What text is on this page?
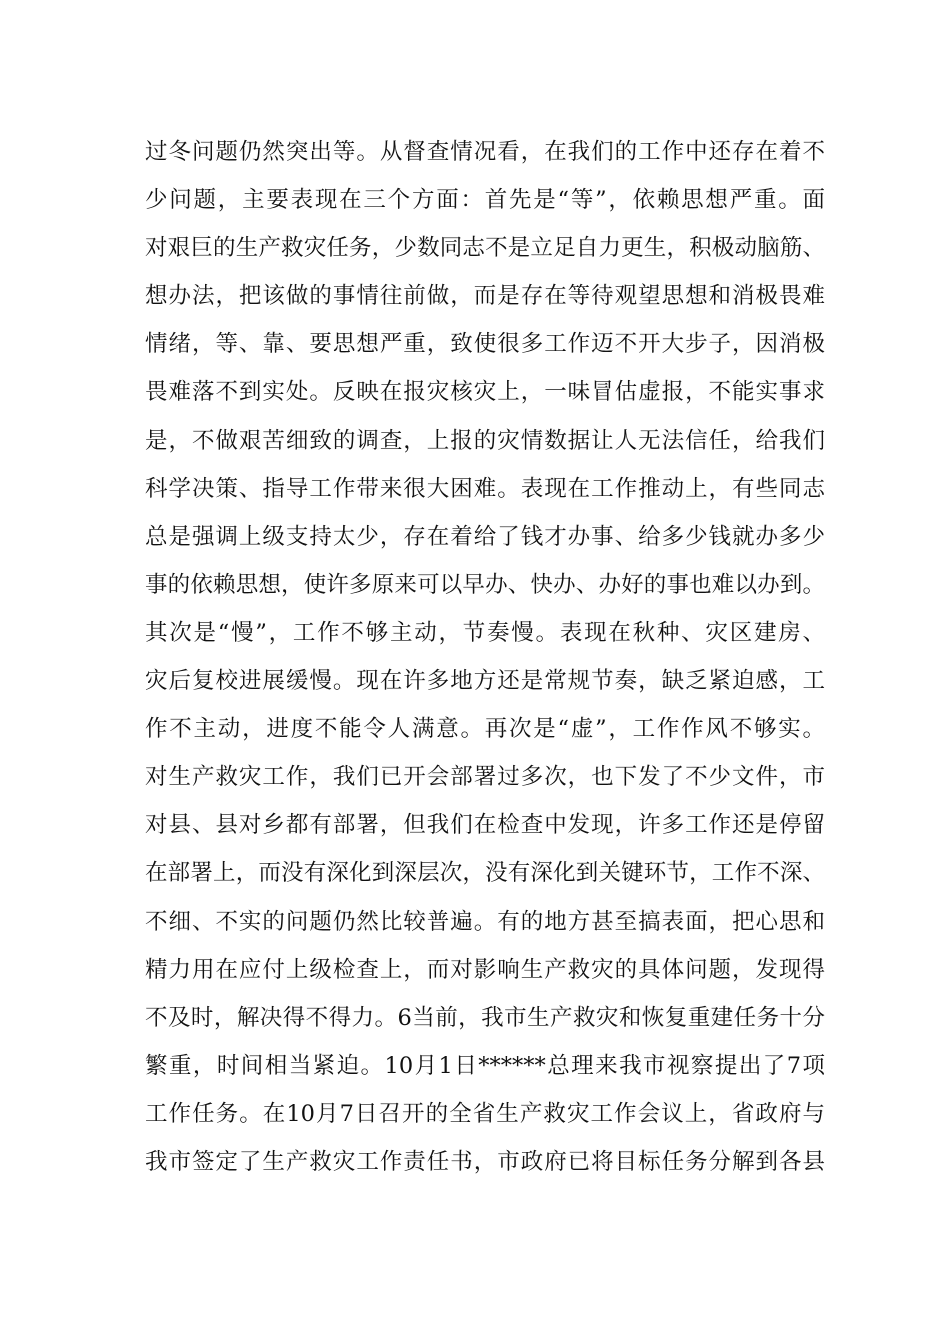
过冬问题仍然突出等。从督查情况看，在我们的工作中还存在着不
少问题，主要表现在三个方面：首先是“等”，依赖思想严重。面
对艰巨的生产救灾任务，少数同志不是立足自力更生，积极动脑筋、
想办法，把该做的事情往前做，而是存在等待观望思想和消极畏难
情绪，等、靠、要思想严重，致使很多工作迈不开大步子，因消极
畏难落不到实处。反映在报灾核灾上，一味冒估虚报，不能实事求
是，不做艰苦细致的调查，上报的灾情数据让人无法信任，给我们
科学决策、指导工作带来很大困难。表现在工作推动上，有些同志
总是强调上级支持太少，存在着给了钱才办事、给多少钱就办多少
事的依赖思想，使许多原来可以早办、快办、办好的事也难以办到。
其次是“慢”，工作不够主动，节奏慢。表现在秋种、灾区建房、
灾后复校进展缓慢。现在许多地方还是常规节奏，缺乏紧迫感，工
作不主动，进度不能令人满意。再次是“虚”，工作作风不够实。
对生产救灾工作，我们已开会部署过多次，也下发了不少文件，市
对县、县对乡都有部署，但我们在检查中发现，许多工作还是停留
在部署上，而没有深化到深层次，没有深化到关键环节，工作不深、
不细、不实的问题仍然比较普遍。有的地方甚至搞表面，把心思和
精力用在应付上级检查上，而对影响生产救灾的具体问题，发现得
不及时，解决得不得力。6当前，我市生产救灾和恢复重建任务十分
繁重，时间相当紧迫。10月1日******总理来我市视察提出了7项
工作任务。在10月7日召开的全省生产救灾工作会议上，省政府与
我市签定了生产救灾工作责任书，市政府已将目标任务分解到各县
